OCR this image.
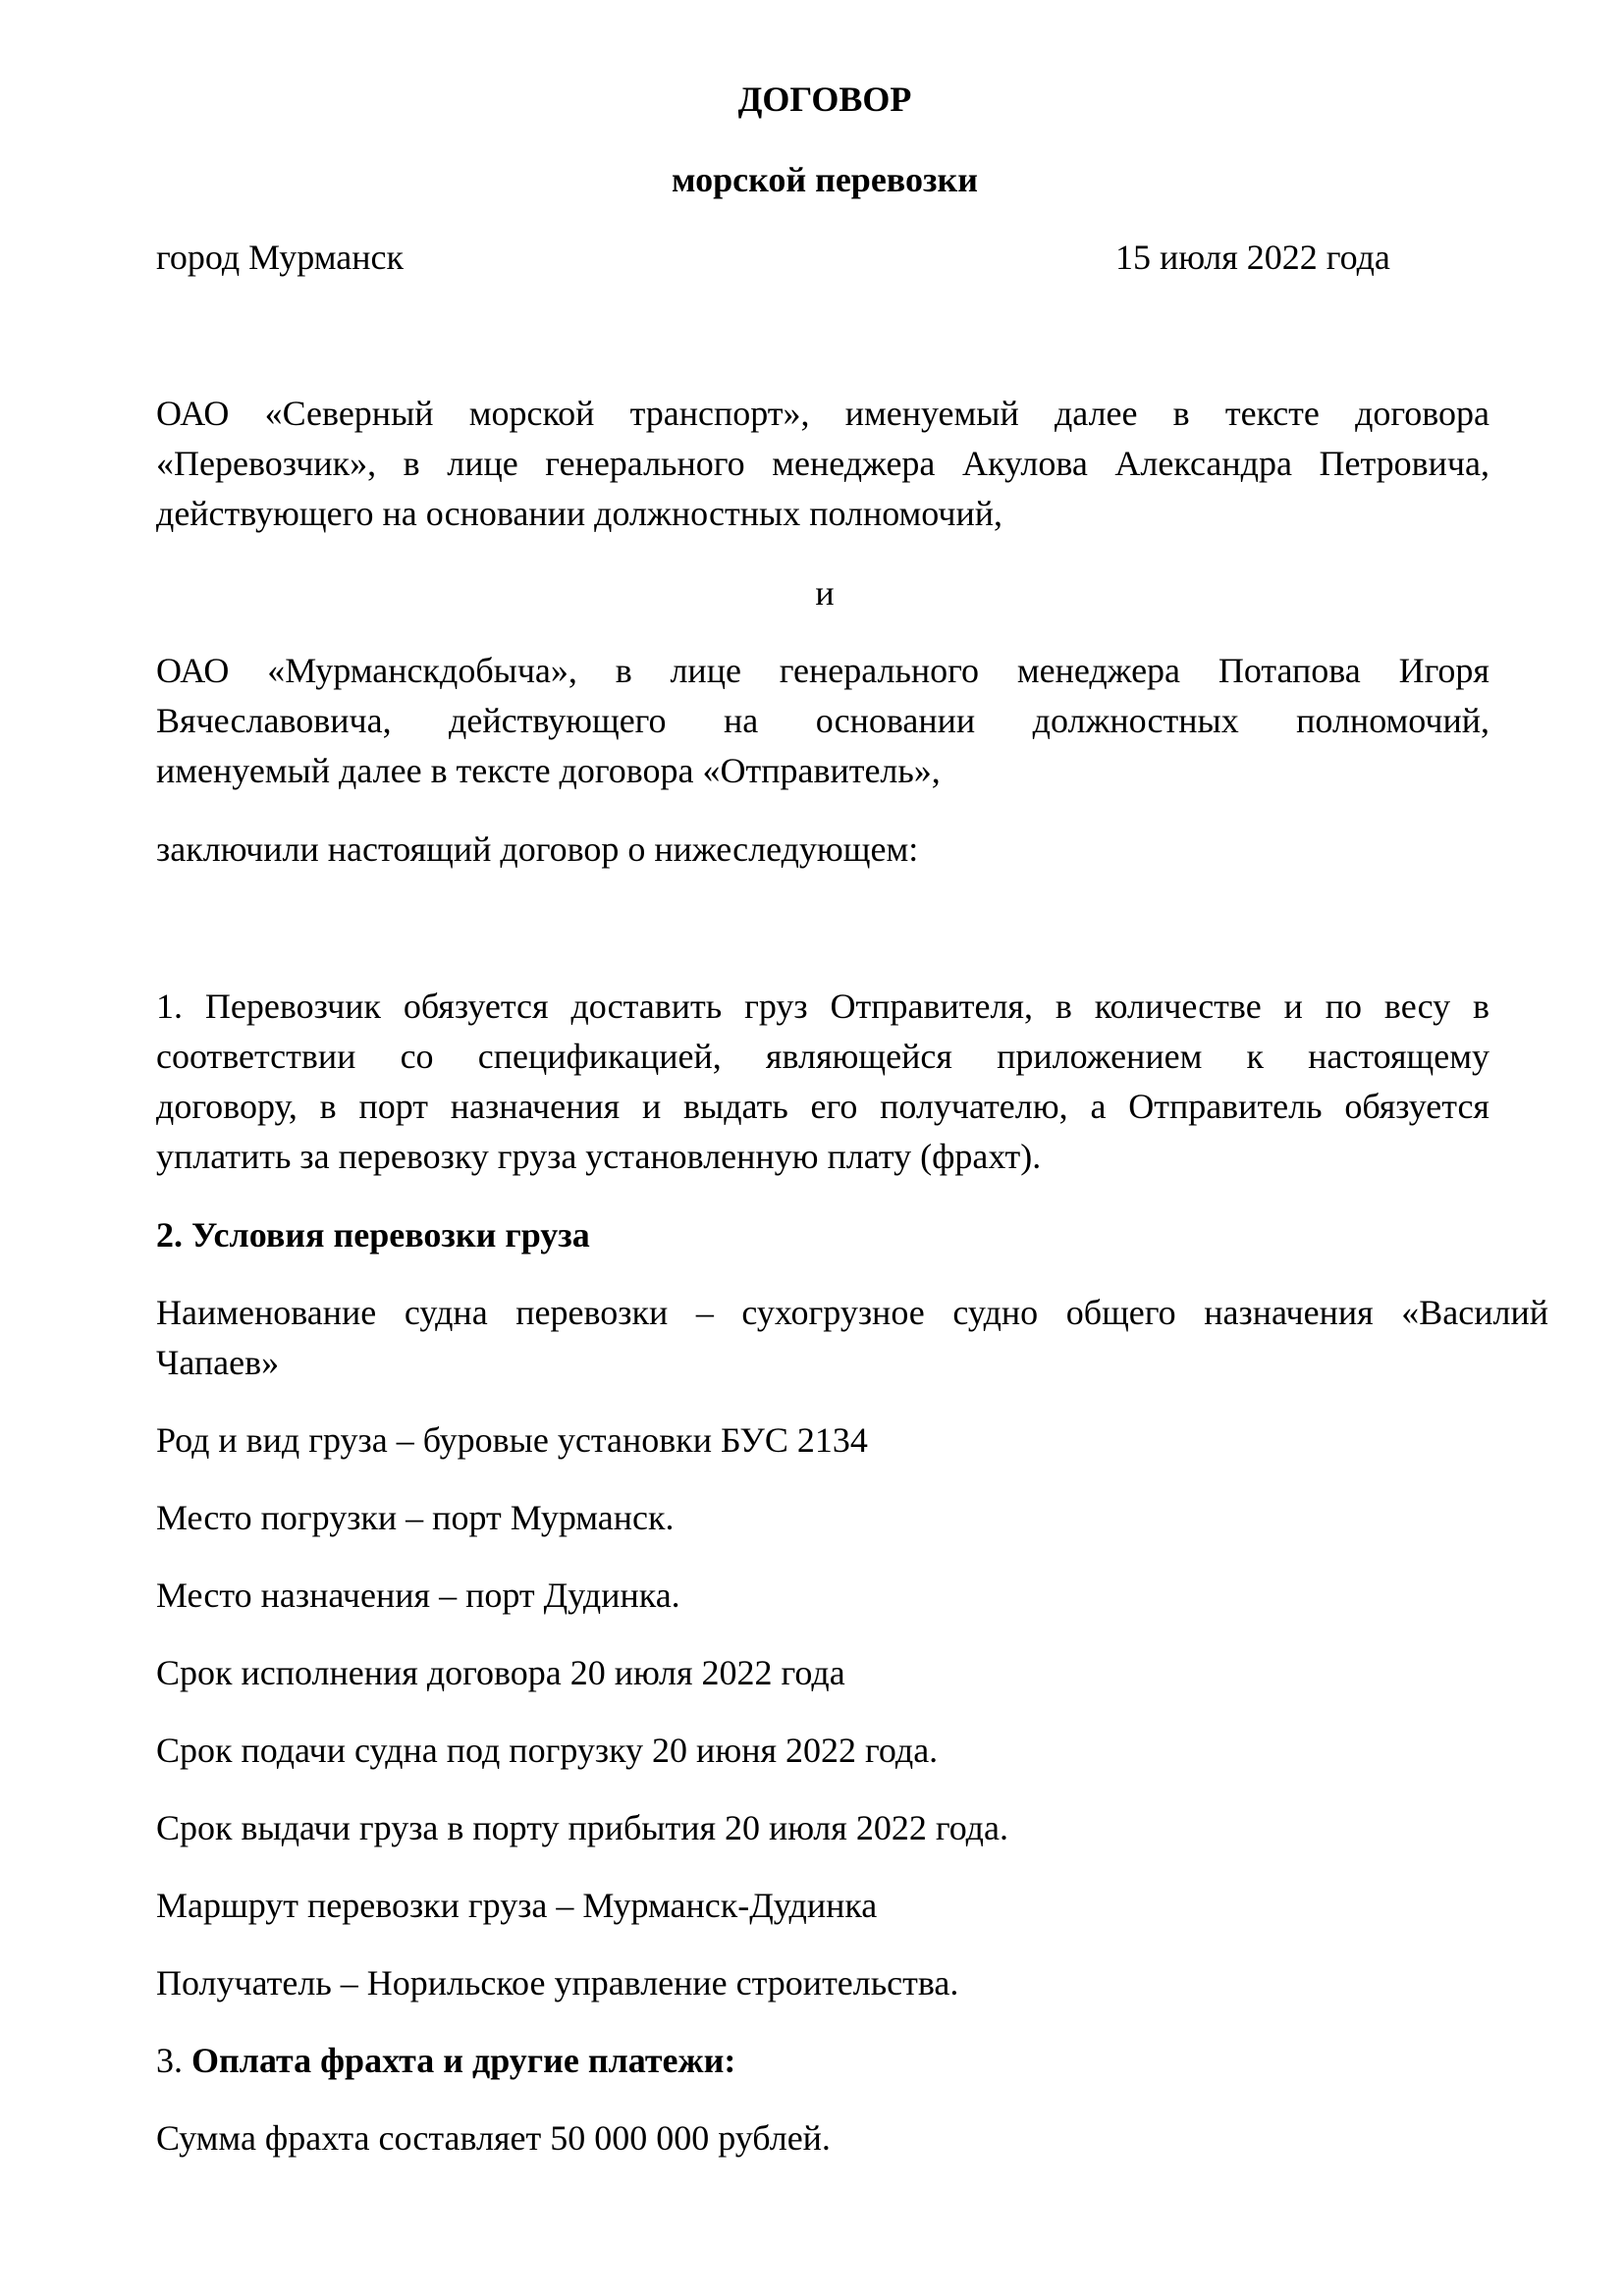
ДОГОВОР
морской перевозки
город Мурманск	15 июля 2022 года
ОАО «Северный морской транспорт», именуемый далее в тексте договора
«Перевозчик», в лице генерального менеджера Акулова Александра Петровича,
действующего на основании должностных полномочий,
и
ОАО «Мурманскдобыча», в лице генерального менеджера Потапова Игоря
Вячеславовича, действующего на основании должностных полномочий,
именуемый далее в тексте договора «Отправитель»,
заключили настоящий договор о нижеследующем:
1. Перевозчик обязуется доставить груз Отправителя, в количестве и по весу в
соответствии со спецификацией, являющейся приложением к настоящему
договору, в порт назначения и выдать его получателю, а Отправитель обязуется
уплатить за перевозку груза установленную плату (фрахт).
2. Условия перевозки груза
Наименование судна перевозки – сухогрузное судно общего назначения «Василий
Чапаев»
Род и вид груза – буровые установки БУС 2134
Место погрузки – порт Мурманск.
Место назначения – порт Дудинка.
Срок исполнения договора 20 июля 2022 года
Срок подачи судна под погрузку 20 июня 2022 года.
Срок выдачи груза в порту прибытия 20 июля 2022 года.
Маршрут перевозки груза – Мурманск-Дудинка
Получатель – Норильское управление строительства.
3. Оплата фрахта и другие платежи:
Сумма фрахта составляет 50 000 000 рублей.
